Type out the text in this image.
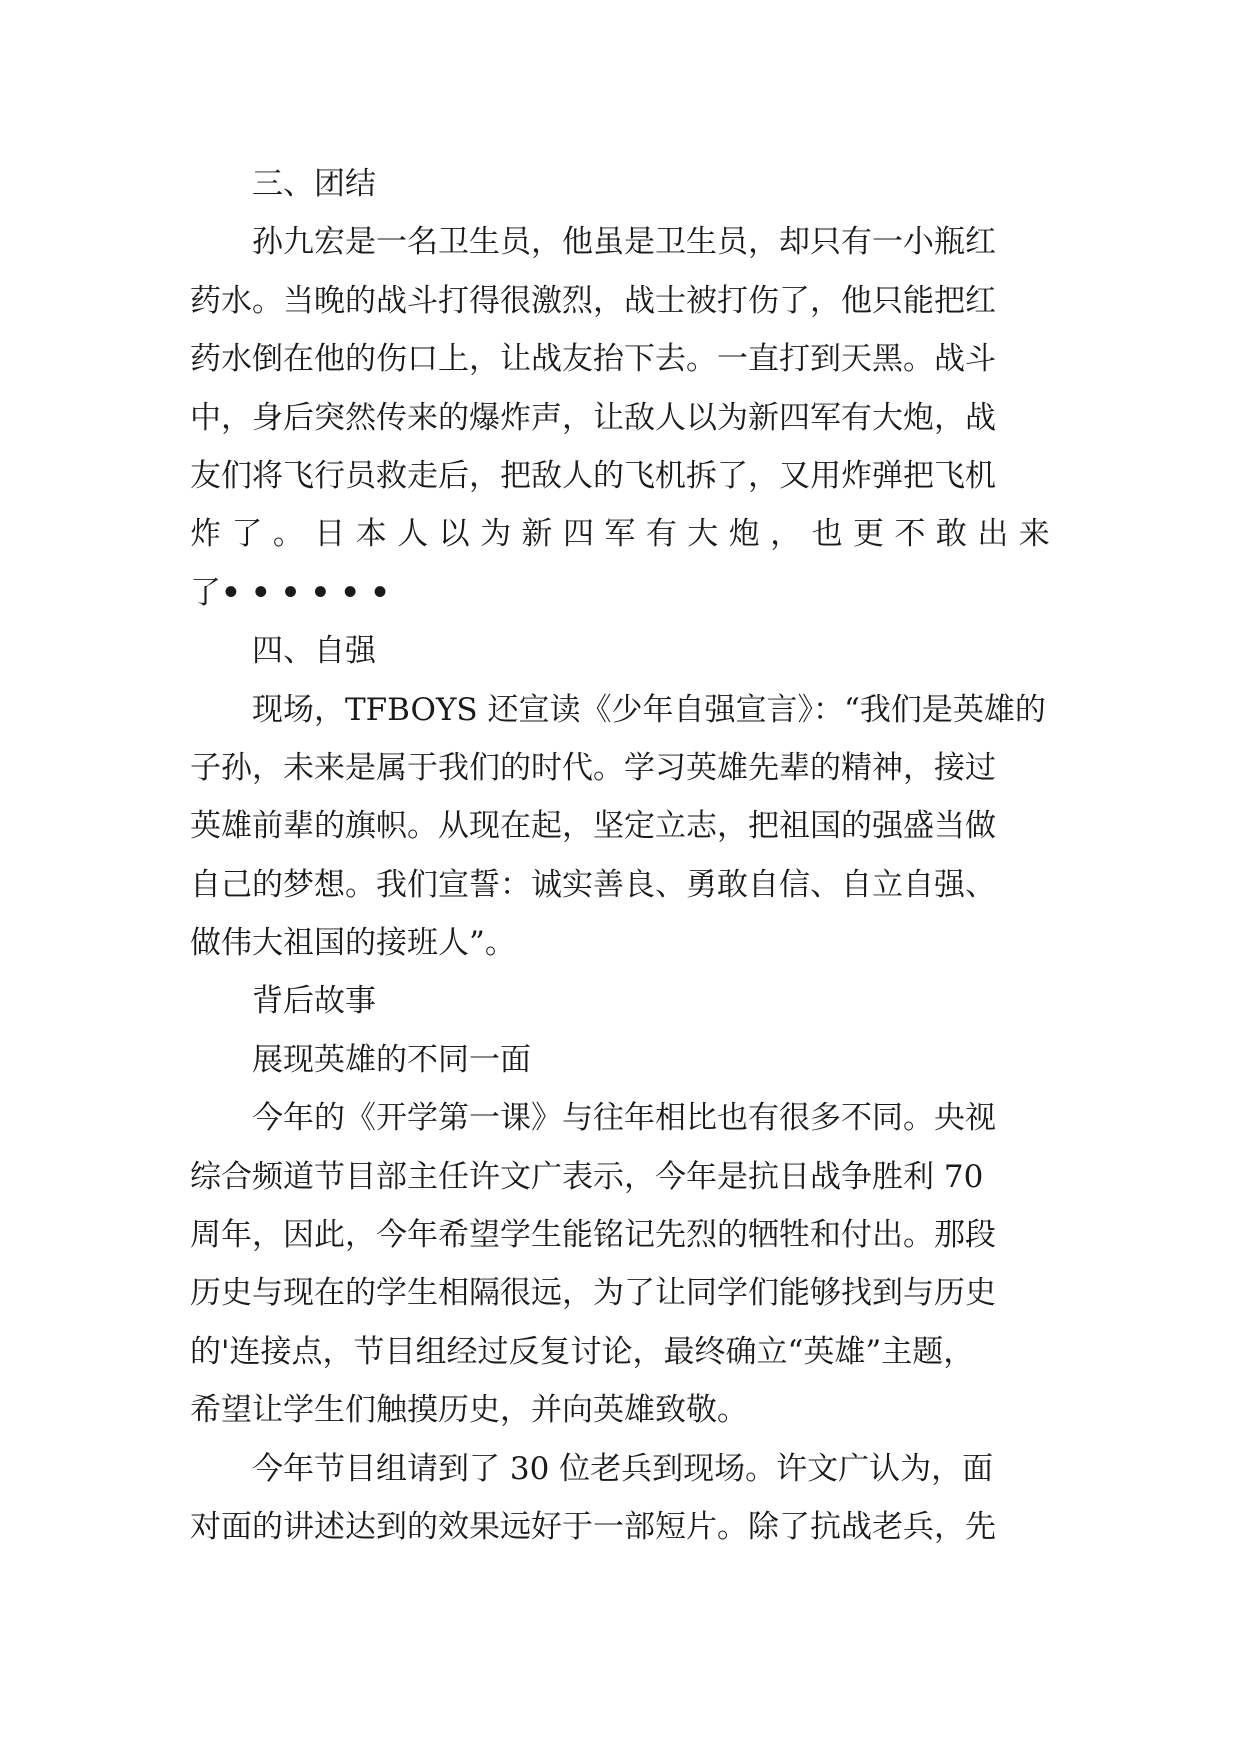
三、团结
孙九宏是一名卫生员，他虽是卫生员，却只有一小瓶红
药水。当晚的战斗打得很激烈，战士被打伤了，他只能把红
药水倒在他的伤口上，让战友抬下去。一直打到天黑。战斗
中，身后突然传来的爆炸声，让敌人以为新四军有大炮，战
友们将飞行员救走后，把敌人的飞机拆了，又用炸弹把飞机
炸 了 。 日 本 人 以 为 新 四 军 有 大 炮 ， 也 更 不 敢 出 来
了••••••
四、自强
现场，TFBOYS 还宣读《少年自强宣言》：“我们是英雄的
子孙，未来是属于我们的时代。学习英雄先辈的精神，接过
英雄前辈的旗帜。从现在起，坚定立志，把祖国的强盛当做
自己的梦想。我们宣誓：诚实善良、勇敢自信、自立自强、
做伟大祖国的接班人”。
背后故事
展现英雄的不同一面
今年的《开学第一课》与往年相比也有很多不同。央视
综合频道节目部主任许文广表示，今年是抗日战争胜利 70
周年，因此，今年希望学生能铭记先烈的牺牲和付出。那段
历史与现在的学生相隔很远，为了让同学们能够找到与历史
的'连接点，节目组经过反复讨论，最终确立“英雄”主题，
希望让学生们触摸历史，并向英雄致敬。
今年节目组请到了 30 位老兵到现场。许文广认为，面
对面的讲述达到的效果远好于一部短片。除了抗战老兵，先
